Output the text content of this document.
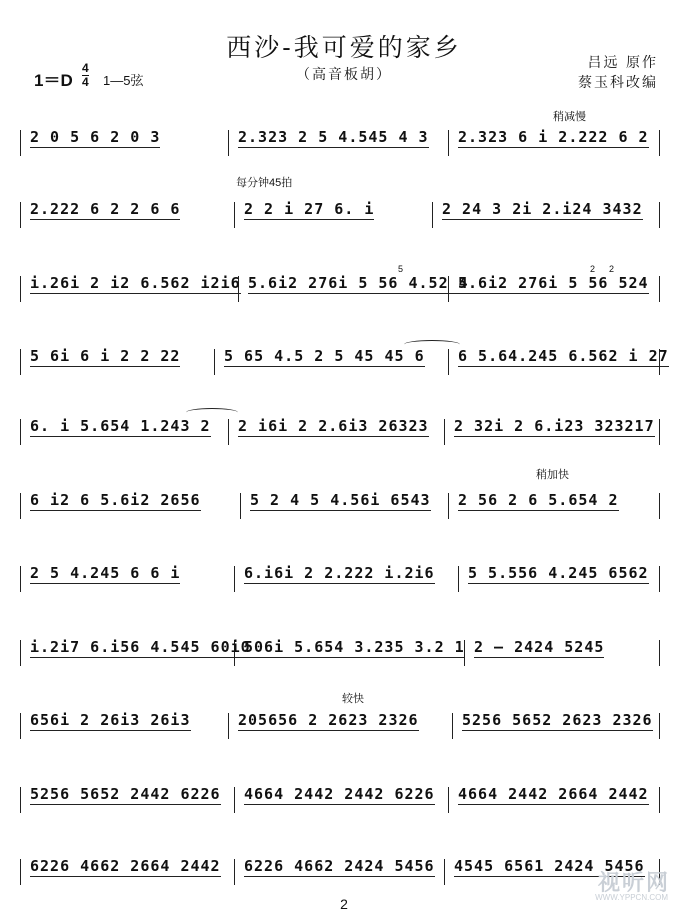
西沙-我可爱的家乡
（高音板胡）
吕远 原作
蔡玉科改编
1＝D
4
4 1—5弦
稍减慢
每分钟45拍
稍加快
较快
5	2 2
2 0 5 6 2 0 3	2.323 2 5 4.545 4 3 2.323 6 i 2.222 6 2
2.222 6 2 2 6 6	2 2 i 27 6. i	2 24 3 2i 2.i24 3432
i.26i 2 i2 6.562 i2i6 5.6i2 276i 5 56 4.52 4
5.6i2 276i 5 56 524
5 6i 6 i 2 2 22	5 65 4.5 2 5 45 45 6 6 5.64.245 6.562 i 27
6. i 5.654 1.243 2 2 i6i 2 2.6i3 26323 2 32i 2 6.i23 323217
6 i2 6 5.6i2 2656	5 2 4 5 4.56i 6543 2 56 2 6 5.654 2
2 5 4.245 6 6 i	6.i6i 2 2.222 i.2i6 5 5.556 4.245 6562
i.2i7 6.i56 4.545 60i0
506i 5.654 3.235 3.2 1 2 – 2424 5245
656i 2 26i3 26i3	205656 2 2623 2326	5256 5652 2623 2326
5256 5652 2442 6226 4664 2442 2442 6226 4664 2442 2664 2442
6226 4662 2664 2442 6226 4662 2424 5456 4545 6561 2424 5456
2
视听网
WWW.YPPCN.COM
